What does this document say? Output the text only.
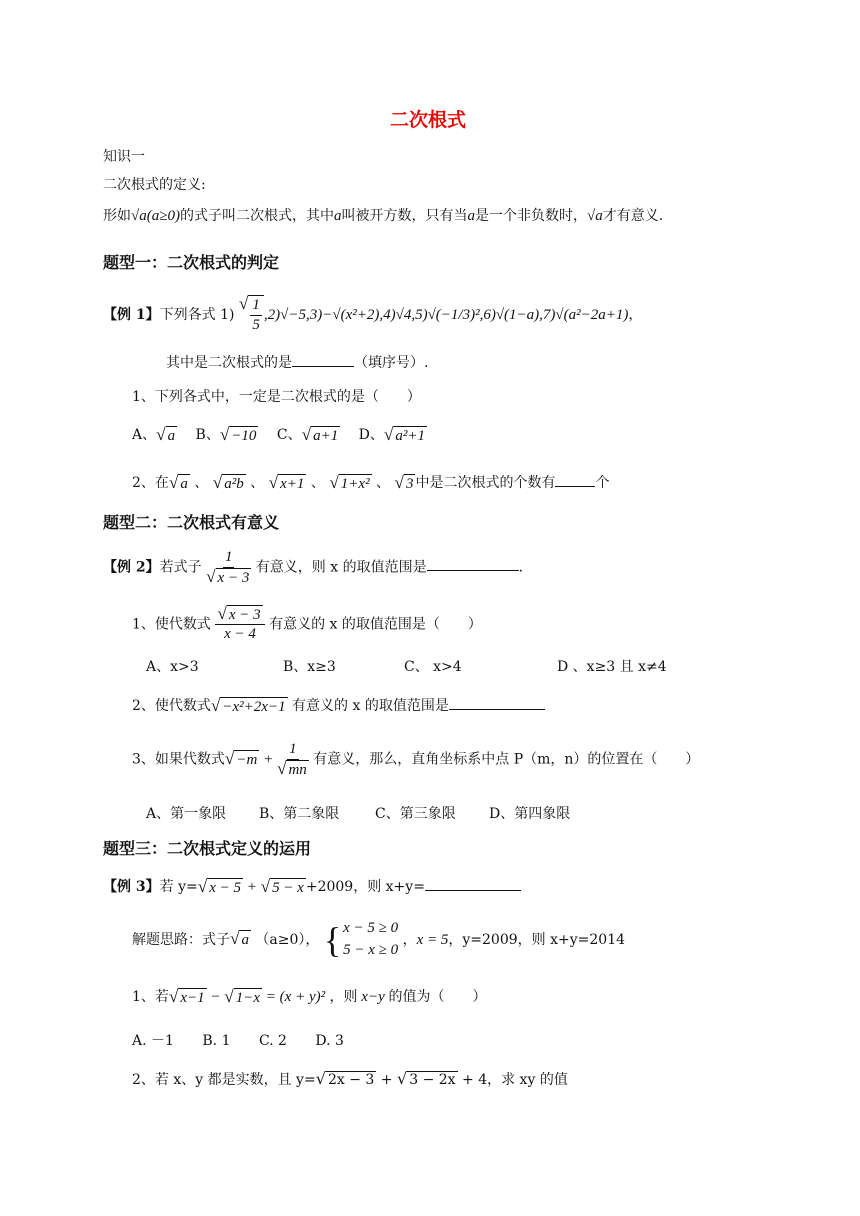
二次根式
知识一
二次根式的定义:
形如√a(a≥0)的式子叫二次根式，其中a叫被开方数，只有当a是一个非负数时，√a才有意义.
题型一：二次根式的判定
【例 1】下列各式 1)
√ $\frac{1}{5} ,2)√-5,3)-√(x^2+2),4)√4,5)√(-1/3)^2,6)√(1-a),7)√(a^2-2a+1)$，
其中是二次根式的是	（填序号）.
1、下列各式中，一定是二次根式的是（　　）
A、 √ a B、 √ −10 C、 √ a+1 D、 √ a²+1
2、在 √ a 、 √ a²b 、 √ x+1 、 √ 1+x² 、 √ 3 中是二次根式的个数有	个
题型二：二次根式有意义
【例 2】若式子 $\frac{1}{√ x - 3}$ 有意义，则 x 的取值范围是	.
1、使代数式 $\frac{√ x - 3}{x - 4}$ 有意义的 x 的取值范围是（　　）
A、x>3	B、x≥3	C、 x>4	D 、x≥3 且 x≠4
2、使代数式 √ −x²+2x−1 有意义的 x 的取值范围是
3、如果代数式 √ $-m + \frac{1}{√ mn}$ 有意义，那么，直角坐标系中点 P（m，n）的位置在（　　）
A、第一象限 B、第二象限	C、第三象限 D、第四象限
题型三：二次根式定义的运用
【例 3】若 y= √ x − 5 + √ 5 − x +2009，则 x+y=
解题思路：式子 √ a （a≥0）， { x − 5 ≥ 0
5 − x ≥ 0
，x = 5，y=2009，则 x+y=2014
1、若 √ x−1 − √ 1−x = (x + y)² ，则 x−y 的值为（　　）
A. －1 B. 1 C. 2 D. 3
2、若 x、y 都是实数，且 y= √ 2x − 3 + √ 3 − 2x + 4，求 xy 的值
